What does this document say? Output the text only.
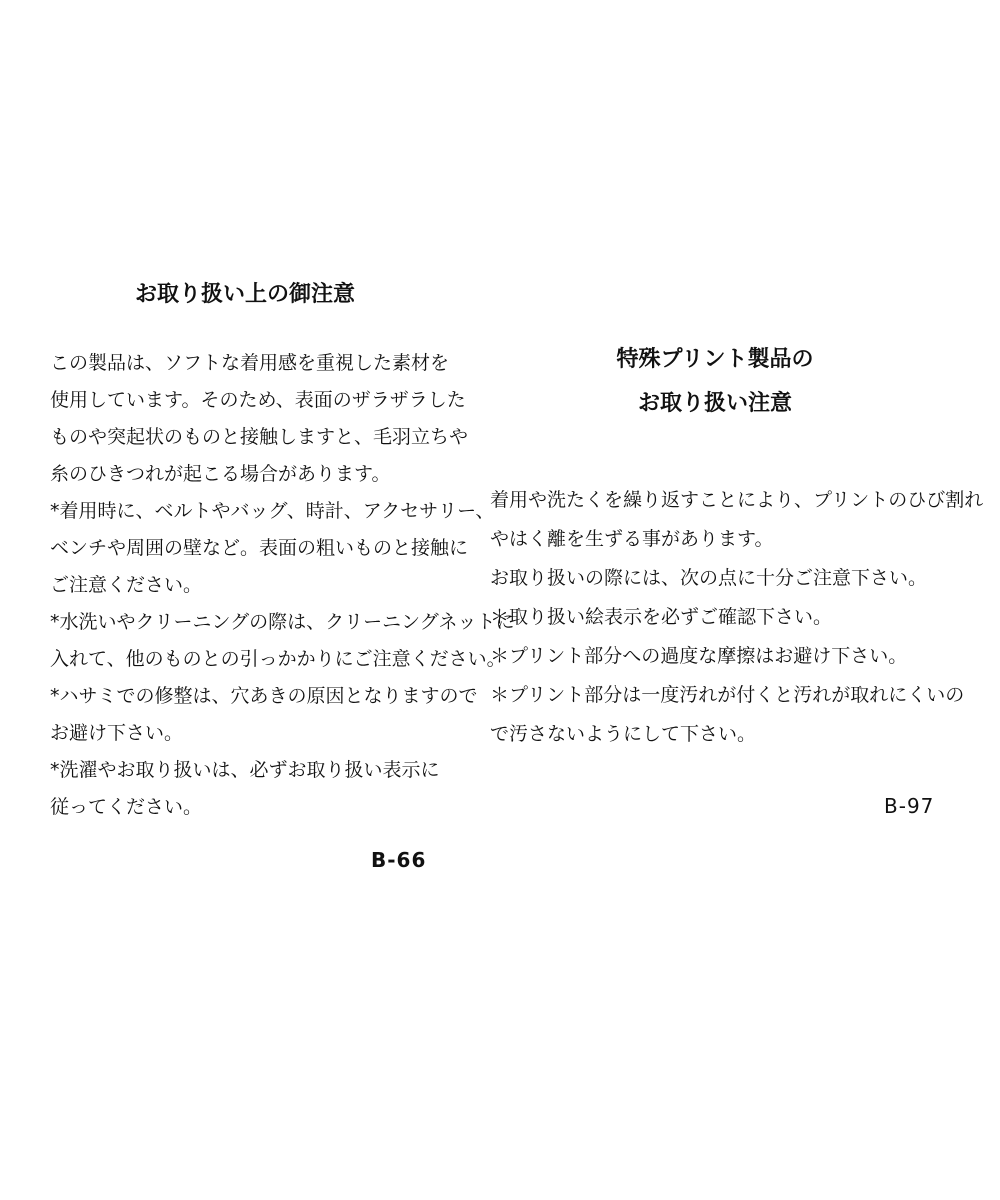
お取り扱い上の御注意

この製品は、ソフトな着用感を重視した素材を

使用しています。そのため、表面のザラザラした

ものや突起状のものと接触しますと、毛羽立ちや

糸のひきつれが起こる場合があります。

*着用時に、ベルトやバッグ、時計、アクセサリー、

ベンチや周囲の壁など。表面の粗いものと接触に

ご注意ください。

*水洗いやクリーニングの際は、クリーニングネットに

入れて、他のものとの引っかかりにご注意ください。

*ハサミでの修整は、穴あきの原因となりますので

お避け下さい。

*洗濯やお取り扱いは、必ずお取り扱い表示に

従ってください。

B-66
特殊プリント製品の
お取り扱い注意

着用や洗たくを繰り返すことにより、プリントのひび割れ

やはく離を生ずる事があります。

お取り扱いの際には、次の点に十分ご注意下さい。

＊取り扱い絵表示を必ずご確認下さい。

＊プリント部分への過度な摩擦はお避け下さい。

＊プリント部分は一度汚れが付くと汚れが取れにくいの

で汚さないようにして下さい。

B-97
